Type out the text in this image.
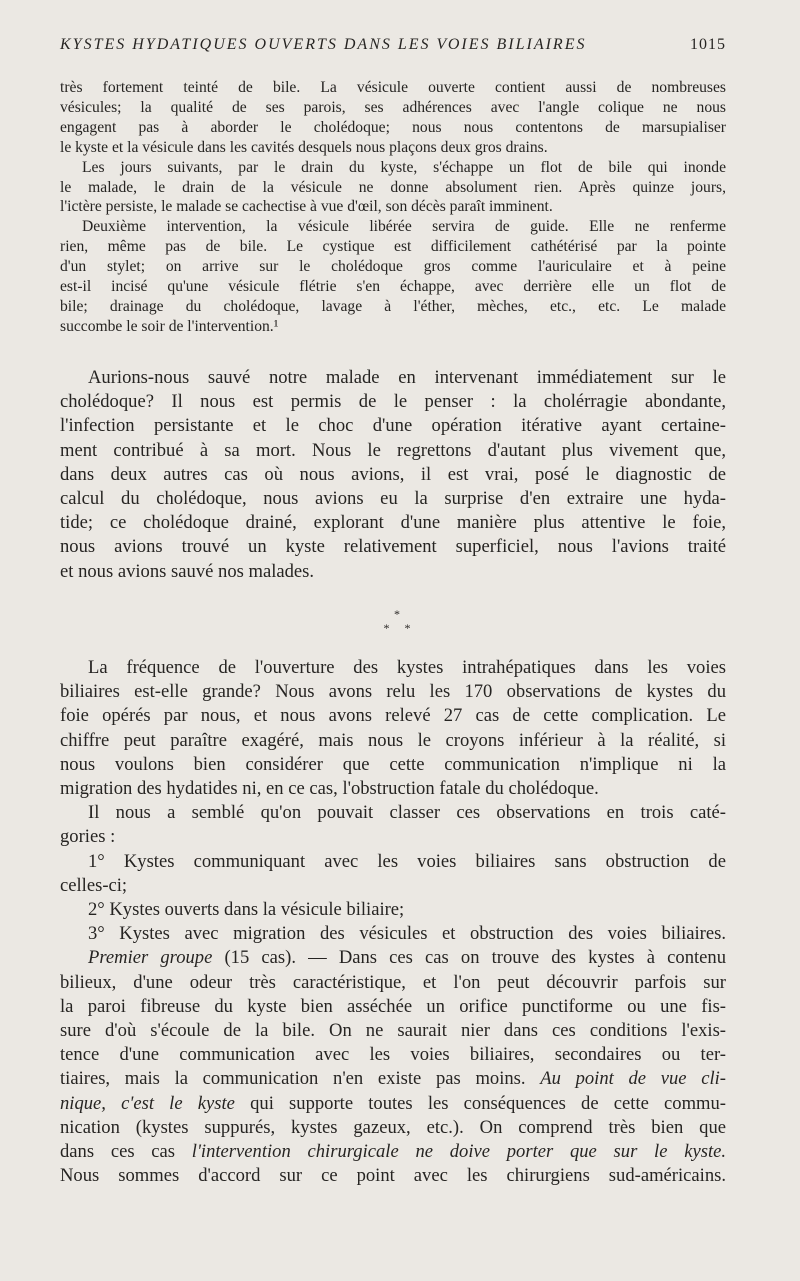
KYSTES HYDATIQUES OUVERTS DANS LES VOIES BILIAIRES	1015
très fortement teinté de bile. La vésicule ouverte contient aussi de nombreuses
vésicules; la qualité de ses parois, ses adhérences avec l'angle colique ne nous
engagent pas à aborder le cholédoque; nous nous contentons de marsupialiser
le kyste et la vésicule dans les cavités desquels nous plaçons deux gros drains.
Les jours suivants, par le drain du kyste, s'échappe un flot de bile qui inonde
le malade, le drain de la vésicule ne donne absolument rien. Après quinze jours,
l'ictère persiste, le malade se cachectise à vue d'œil, son décès paraît imminent.
Deuxième intervention, la vésicule libérée servira de guide. Elle ne renferme
rien, même pas de bile. Le cystique est difficilement cathétérisé par la pointe
d'un stylet; on arrive sur le cholédoque gros comme l'auriculaire et à peine
est-il incisé qu'une vésicule flétrie s'en échappe, avec derrière elle un flot de
bile; drainage du cholédoque, lavage à l'éther, mèches, etc., etc. Le malade
succombe le soir de l'intervention.¹
Aurions-nous sauvé notre malade en intervenant immédiatement sur le
cholédoque? Il nous est permis de le penser : la cholérragie abondante,
l'infection persistante et le choc d'une opération itérative ayant certaine-
ment contribué à sa mort. Nous le regrettons d'autant plus vivement que,
dans deux autres cas où nous avions, il est vrai, posé le diagnostic de
calcul du cholédoque, nous avions eu la surprise d'en extraire une hyda-
tide; ce cholédoque drainé, explorant d'une manière plus attentive le foie,
nous avions trouvé un kyste relativement superficiel, nous l'avions traité
et nous avions sauvé nos malades.
*
* *
La fréquence de l'ouverture des kystes intrahépatiques dans les voies
biliaires est-elle grande? Nous avons relu les 170 observations de kystes du
foie opérés par nous, et nous avons relevé 27 cas de cette complication. Le
chiffre peut paraître exagéré, mais nous le croyons inférieur à la réalité, si
nous voulons bien considérer que cette communication n'implique ni la
migration des hydatides ni, en ce cas, l'obstruction fatale du cholédoque.
Il nous a semblé qu'on pouvait classer ces observations en trois caté-
gories :
1° Kystes communiquant avec les voies biliaires sans obstruction de
celles-ci;
2° Kystes ouverts dans la vésicule biliaire;
3° Kystes avec migration des vésicules et obstruction des voies biliaires.
Premier groupe (15 cas). — Dans ces cas on trouve des kystes à contenu
bilieux, d'une odeur très caractéristique, et l'on peut découvrir parfois sur
la paroi fibreuse du kyste bien asséchée un orifice punctiforme ou une fis-
sure d'où s'écoule de la bile. On ne saurait nier dans ces conditions l'exis-
tence d'une communication avec les voies biliaires, secondaires ou ter-
tiaires, mais la communication n'en existe pas moins. Au point de vue cli-
nique, c'est le kyste qui supporte toutes les conséquences de cette commu-
nication (kystes suppurés, kystes gazeux, etc.). On comprend très bien que
dans ces cas l'intervention chirurgicale ne doive porter que sur le kyste.
Nous sommes d'accord sur ce point avec les chirurgiens sud-américains.
